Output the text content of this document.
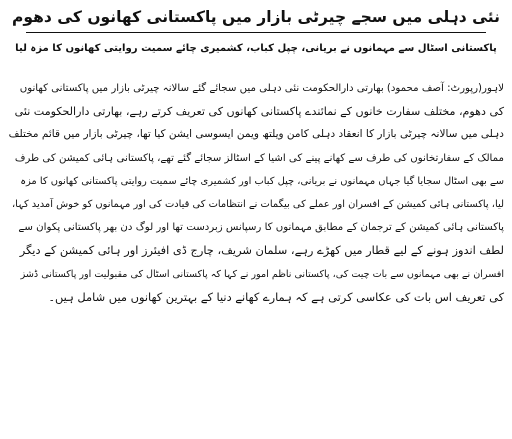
نئی دہلی میں سجے چیرٹی بازار میں پاکستانی کھانوں کی دھوم
پاکستانی اسٹال سے مہمانوں نے بریانی، چپل کباب، کشمیری چائے سمیت روایتی کھانوں کا مزہ لیا
لاہور(رپورٹ: آصف محمود) بھارتی دارالحکومت نئی دہلی میں سجائے گئے سالانہ چیرٹی بازار میں پاکستانی کھانوں
کی دھوم، مختلف سفارت خانوں کے نمائندے پاکستانی کھانوں کی تعریف کرتے رہے، بھارتی دارالحکومت نئی
دہلی میں سالانہ چیرٹی بازار کا انعقاد دہلی کامن ویلتھ ویمن ایسوسی ایشن کیا تھا، چیرٹی بازار میں قائم مختلف
ممالک کے سفارتخانوں کی طرف سے کھانے پینے کی اشیا کے اسٹالز سجائے گئے تھے، پاکستانی ہائی کمیشن کی طرف
سے بھی اسٹال سجایا گیا جہاں مہمانوں نے بریانی، چپل کباب اور کشمیری چائے سمیت روایتی پاکستانی کھانوں کا مزہ
لیا، پاکستانی ہائی کمیشن کے افسران اور عملے کی بیگمات نے انتظامات کی قیادت کی اور مہمانوں کو خوش آمدید کہا،
پاکستانی ہائی کمیشن کے ترجمان کے مطابق مہمانوں کا رسپانس زبردست تھا اور لوگ دن بھر پاکستانی پکوان سے
لطف اندوز ہونے کے لیے قطار میں کھڑے رہے، سلمان شریف، چارج ڈی افیئرز اور ہائی کمیشن کے دیگر
افسران نے بھی مہمانوں سے بات چیت کی، پاکستانی ناظم امور نے کہا کہ پاکستانی اسٹال کی مقبولیت اور پاکستانی ڈشز
کی تعریف اس بات کی عکاسی کرتی ہے کہ ہمارے کھانے دنیا کے بہترین کھانوں میں شامل ہیں۔
